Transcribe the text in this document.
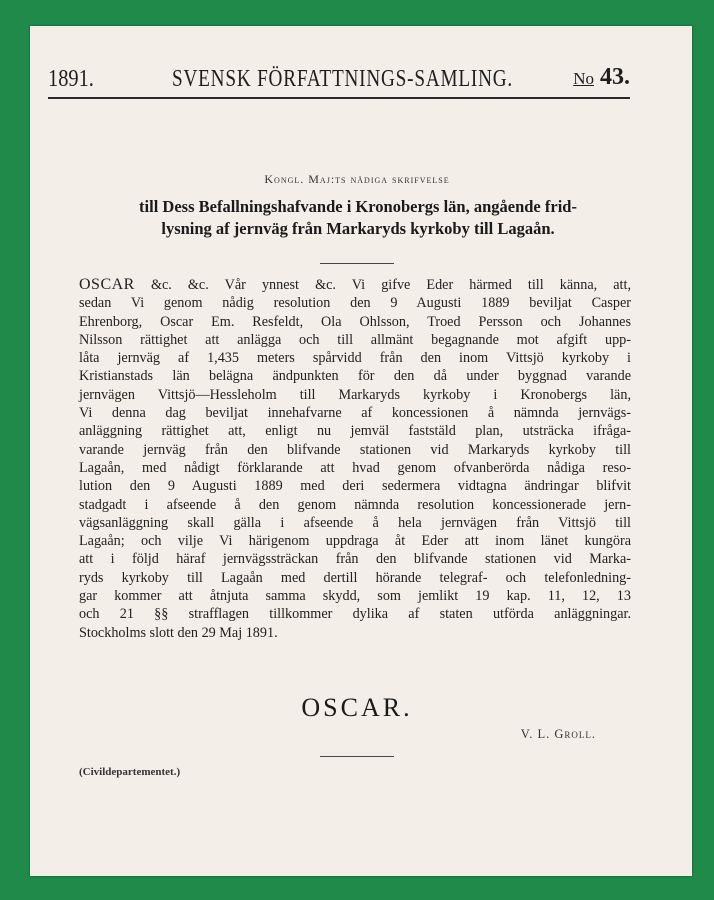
1891.	SVENSK FÖRFATTNINGS-SAMLING.	No 43.
Kongl. Maj:ts nådiga skrifvelse
till Dess Befallningshafvande i Kronobergs län, angående frid-
lysning af jernväg från Markaryds kyrkoby till Lagaån.
OSCAR &c. &c. Vår ynnest &c. Vi gifve Eder härmed till känna, att,
sedan Vi genom nådig resolution den 9 Augusti 1889 beviljat Casper
Ehrenborg, Oscar Em. Resfeldt, Ola Ohlsson, Troed Persson och Johannes
Nilsson rättighet att anlägga och till allmänt begagnande mot afgift upp-
låta jernväg af 1,435 meters spårvidd från den inom Vittsjö kyrkoby i
Kristianstads län belägna ändpunkten för den då under byggnad varande
jernvägen Vittsjö—Hessleholm till Markaryds kyrkoby i Kronobergs län,
Vi denna dag beviljat innehafvarne af koncessionen å nämnda jernvägs-
anläggning rättighet att, enligt nu jemväl faststäld plan, utsträcka ifråga-
varande jernväg från den blifvande stationen vid Markaryds kyrkoby till
Lagaån, med nådigt förklarande att hvad genom ofvanberörda nådiga reso-
lution den 9 Augusti 1889 med deri sedermera vidtagna ändringar blifvit
stadgadt i afseende å den genom nämnda resolution koncessionerade jern-
vägsanläggning skall gälla i afseende å hela jernvägen från Vittsjö till
Lagaån; och vilje Vi härigenom uppdraga åt Eder att inom länet kungöra
att i följd häraf jernvägssträckan från den blifvande stationen vid Marka-
ryds kyrkoby till Lagaån med dertill hörande telegraf- och telefonledning-
gar kommer att åtnjuta samma skydd, som jemlikt 19 kap. 11, 12, 13
och 21 §§ strafflagen tillkommer dylika af staten utförda anläggningar.
Stockholms slott den 29 Maj 1891.
OSCAR.
V. L. Groll.
(Civildepartementet.)
